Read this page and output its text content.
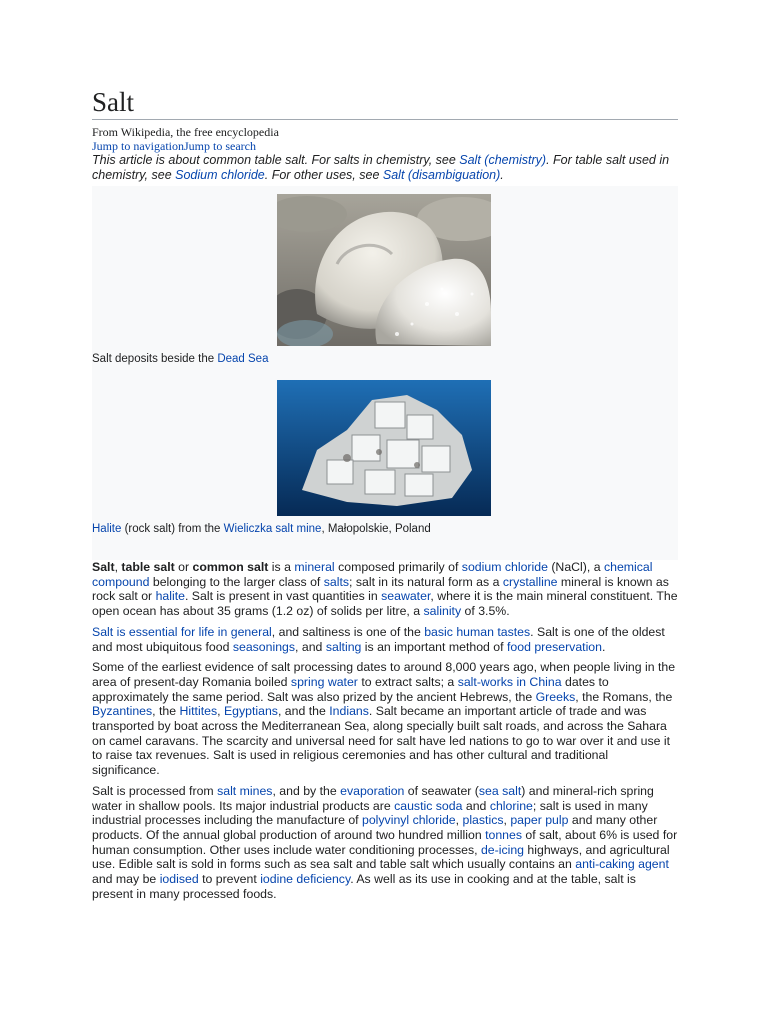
Salt
From Wikipedia, the free encyclopedia
Jump to navigationJump to search
This article is about common table salt. For salts in chemistry, see Salt (chemistry). For table salt used in chemistry, see Sodium chloride. For other uses, see Salt (disambiguation).
Salt deposits beside the Dead Sea
Halite (rock salt) from the Wieliczka salt mine, Małopolskie, Poland

Salt, table salt or common salt is a mineral composed primarily of sodium chloride (NaCl), a chemical compound belonging to the larger class of salts; salt in its natural form as a crystalline mineral is known as rock salt or halite. Salt is present in vast quantities in seawater, where it is the main mineral constituent. The open ocean has about 35 grams (1.2 oz) of solids per litre, a salinity of 3.5%.

Salt is essential for life in general, and saltiness is one of the basic human tastes. Salt is one of the oldest and most ubiquitous food seasonings, and salting is an important method of food preservation.

Some of the earliest evidence of salt processing dates to around 8,000 years ago, when people living in the area of present-day Romania boiled spring water to extract salts; a salt-works in China dates to approximately the same period. Salt was also prized by the ancient Hebrews, the Greeks, the Romans, the Byzantines, the Hittites, Egyptians, and the Indians. Salt became an important article of trade and was transported by boat across the Mediterranean Sea, along specially built salt roads, and across the Sahara on camel caravans. The scarcity and universal need for salt have led nations to go to war over it and use it to raise tax revenues. Salt is used in religious ceremonies and has other cultural and traditional significance.

Salt is processed from salt mines, and by the evaporation of seawater (sea salt) and mineral-rich spring water in shallow pools. Its major industrial products are caustic soda and chlorine; salt is used in many industrial processes including the manufacture of polyvinyl chloride, plastics, paper pulp and many other products. Of the annual global production of around two hundred million tonnes of salt, about 6% is used for human consumption. Other uses include water conditioning processes, de-icing highways, and agricultural use. Edible salt is sold in forms such as sea salt and table salt which usually contains an anti-caking agent and may be iodised to prevent iodine deficiency. As well as its use in cooking and at the table, salt is present in many processed foods.
